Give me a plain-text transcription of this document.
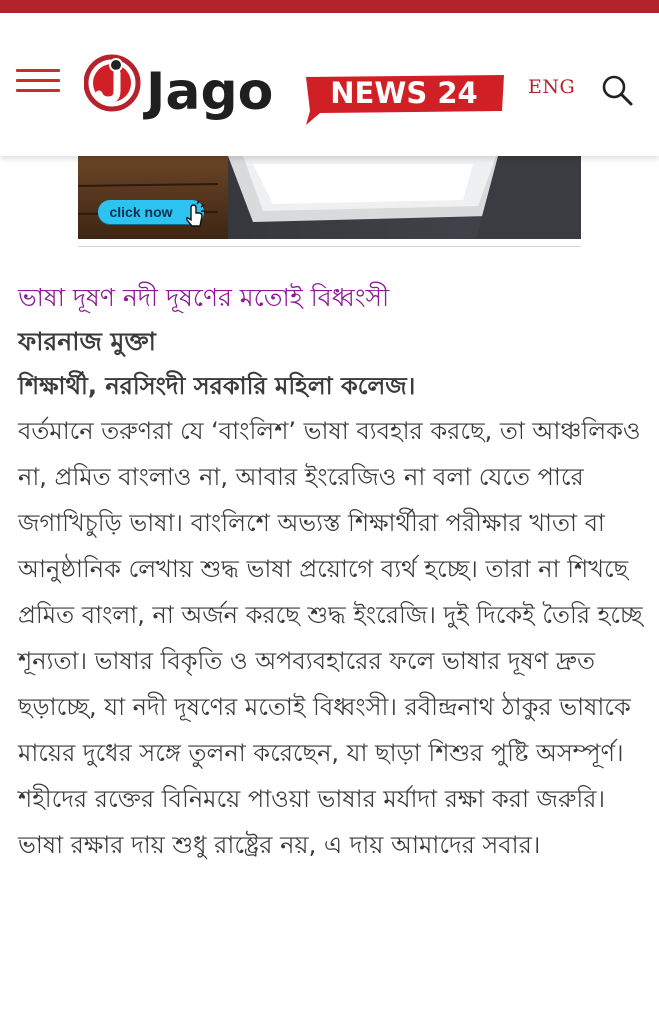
Jago NEWS 24	ENG
click now
ভাষা দূষণ নদী দূষণের মতোই বিধ্বংসী

ফারনাজ মুক্তা

শিক্ষার্থী, নরসিংদী সরকারি মহিলা কলেজ।

বর্তমানে তরুণরা যে ‘বাংলিশ’ ভাষা ব্যবহার করছে, তা আঞ্চলিকও না, প্রমিত বাংলাও না, আবার ইংরেজিও না বলা যেতে পারে জগাখিচুড়ি ভাষা। বাংলিশে অভ্যস্ত শিক্ষার্থীরা পরীক্ষার খাতা বা আনুষ্ঠানিক লেখায় শুদ্ধ ভাষা প্রয়োগে ব্যর্থ হচ্ছে। তারা না শিখছে প্রমিত বাংলা, না অর্জন করছে শুদ্ধ ইংরেজি। দুই দিকেই তৈরি হচ্ছে শূন্যতা। ভাষার বিকৃতি ও অপব্যবহারের ফলে ভাষার দূষণ দ্রুত ছড়াচ্ছে, যা নদী দূষণের মতোই বিধ্বংসী। রবীন্দ্রনাথ ঠাকুর ভাষাকে মায়ের দুধের সঙ্গে তুলনা করেছেন, যা ছাড়া শিশুর পুষ্টি অসম্পূর্ণ। শহীদের রক্তের বিনিময়ে পাওয়া ভাষার মর্যাদা রক্ষা করা জরুরি। ভাষা রক্ষার দায় শুধু রাষ্ট্রের নয়, এ দায় আমাদের সবার।
